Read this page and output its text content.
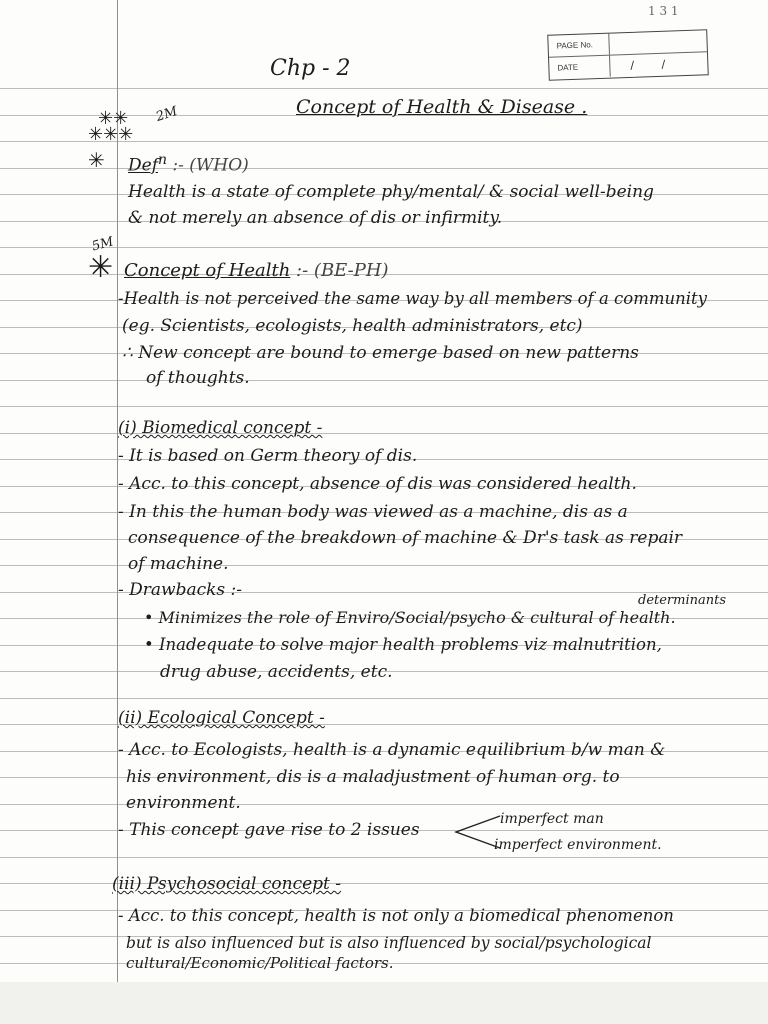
1 3 1
PAGE No.
DATE	/ /
Chp - 2
Concept of Health & Disease .
✳✳
✳✳✳
2M
✳ Def$^n$ :- (WHO)
Health is a state of complete phy/mental/ & social well-being
& not merely an absence of dis or infirmity.
5M
✳ Concept of Health :- (BE-PH)
-Health is not perceived the same way by all members of a community
(eg. Scientists, ecologists, health administrators, etc)
∴ New concept are bound to emerge based on new patterns
of thoughts.
(i) Biomedical concept -
- It is based on Germ theory of dis.
- Acc. to this concept, absence of dis was considered health.
- In this the human body was viewed as a machine, dis as a
consequence of the breakdown of machine & Dr's task as repair
of machine.
- Drawbacks :-
determinants
• Minimizes the role of Enviro/Social/psycho & cultural of health.
• Inadequate to solve major health problems viz malnutrition,
drug abuse, accidents, etc.
(ii) Ecological Concept -
- Acc. to Ecologists, health is a dynamic equilibrium b/w man &
his environment, dis is a maladjustment of human org. to
environment.
- This concept gave rise to 2 issues
imperfect man
imperfect environment.
(iii) Psychosocial concept -
- Acc. to this concept, health is not only a biomedical phenomenon
but is also influenced but is also influenced by social/psychological
cultural/Economic/Political factors.
